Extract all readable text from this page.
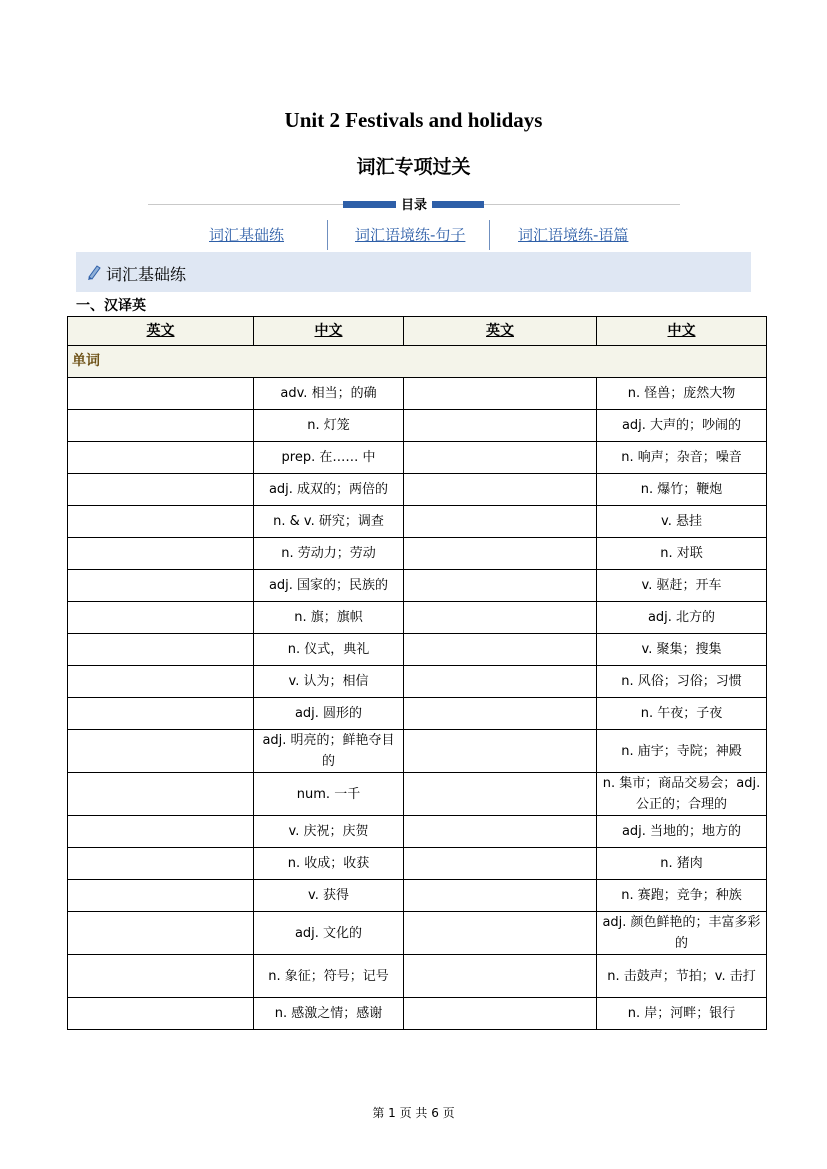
Unit 2 Festivals and holidays
词汇专项过关
目录
词汇基础练	词汇语境练-句子	词汇语境练-语篇
词汇基础练
一、汉译英
英文	中文	英文	中文
单词			
	adv. 相当；的确		n. 怪兽；庞然大物
	n. 灯笼		adj. 大声的；吵闹的
	prep. 在…… 中		n. 响声；杂音；噪音
	adj. 成双的；两倍的		n. 爆竹；鞭炮
	n. & v. 研究；调查		v. 悬挂
	n. 劳动力；劳动		n. 对联
	adj. 国家的；民族的		v. 驱赶；开车
	n. 旗；旗帜		adj. 北方的
	n. 仪式，典礼		v. 聚集；搜集
	v. 认为；相信		n. 风俗；习俗；习惯
	adj. 圆形的		n. 午夜；子夜
	adj. 明亮的；鲜艳夺目的		n. 庙宇；寺院；神殿
	num. 一千		n. 集市；商品交易会；adj. 公正的；合理的
	v. 庆祝；庆贺		adj. 当地的；地方的
	n. 收成；收获		n. 猪肉
	v. 获得		n. 赛跑；竞争；种族
	adj. 文化的		adj. 颜色鲜艳的；丰富多彩的
	n. 象征；符号；记号		n. 击鼓声；节拍；v. 击打
	n. 感激之情；感谢		n. 岸；河畔；银行
第 1 页 共 6 页
